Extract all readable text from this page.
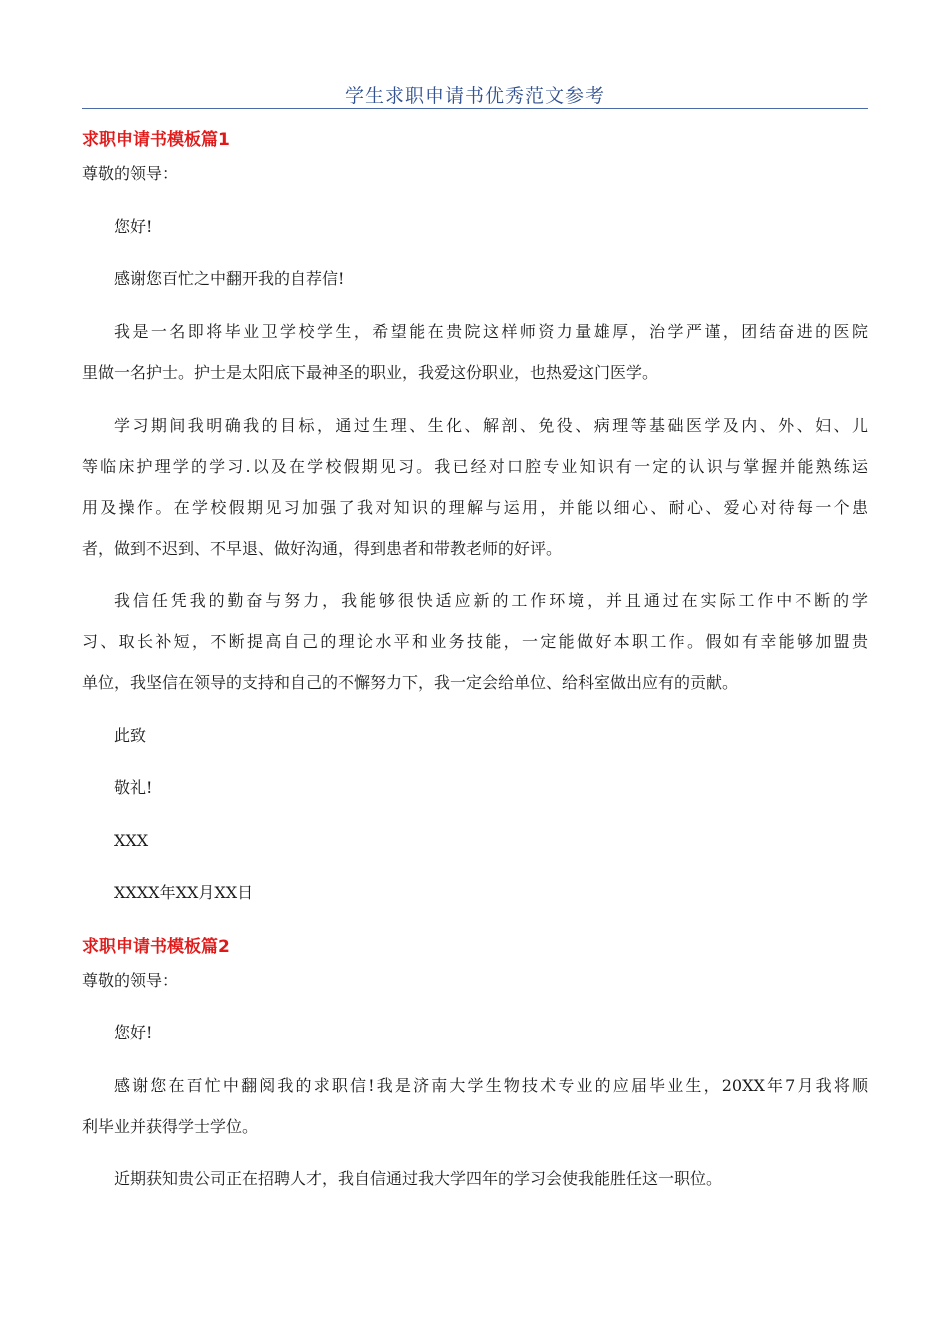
学生求职申请书优秀范文参考
求职申请书模板篇1
尊敬的领导：
您好!
感谢您百忙之中翻开我的自荐信!
我是一名即将毕业卫学校学生，希望能在贵院这样师资力量雄厚，治学严谨，团结奋进的医院
里做一名护士。护士是太阳底下最神圣的职业，我爱这份职业，也热爱这门医学。
学习期间我明确我的目标，通过生理、生化、解剖、免役、病理等基础医学及内、外、妇、儿
等临床护理学的学习.以及在学校假期见习。我已经对口腔专业知识有一定的认识与掌握并能熟练运
用及操作。在学校假期见习加强了我对知识的理解与运用，并能以细心、耐心、爱心对待每一个患
者，做到不迟到、不早退、做好沟通，得到患者和带教老师的好评。
我信任凭我的勤奋与努力，我能够很快适应新的工作环境，并且通过在实际工作中不断的学
习、取长补短，不断提高自己的理论水平和业务技能，一定能做好本职工作。假如有幸能够加盟贵
单位，我坚信在领导的支持和自己的不懈努力下，我一定会给单位、给科室做出应有的贡献。
此致
敬礼!
XXX
XXXX年XX月XX日
求职申请书模板篇2
尊敬的领导：
您好!
感谢您在百忙中翻阅我的求职信!我是济南大学生物技术专业的应届毕业生，20XX年7月我将顺
利毕业并获得学士学位。
近期获知贵公司正在招聘人才，我自信通过我大学四年的学习会使我能胜任这一职位。
